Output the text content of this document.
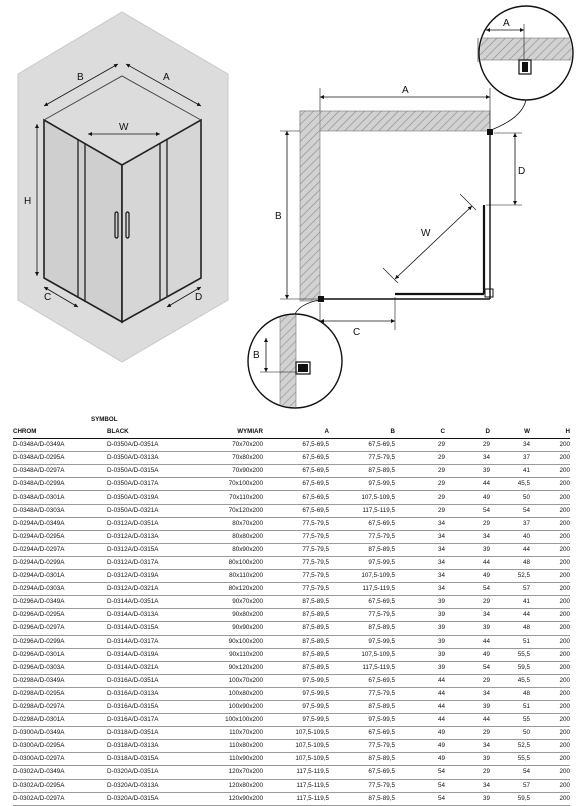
B	A
W
H
C	D
A
B
C
D
W
A
B
	SYMBOL							
CHROM	BLACK	WYMIAR	A	B	C	D	W	H
D-0348A/D-0349A	D-0350A/D-0351A	70x70x200	67,5-69,5	67,5-69,5	29	29	34	200
D-0348A/D-0295A	D-0350A/D-0313A	70x80x200	67,5-69,5	77,5-79,5	29	34	37	200
D-0348A/D-0297A	D-0350A/D-0315A	70x90x200	67,5-69,5	87,5-89,5	29	39	41	200
D-0348A/D-0299A	D-0350A/D-0317A	70x100x200	67,5-69,5	97,5-99,5	29	44	45,5	200
D-0348A/D-0301A	D-0350A/D-0319A	70x110x200	67,5-69,5	107,5-109,5	29	49	50	200
D-0348A/D-0303A	D-0350A/D-0321A	70x120x200	67,5-69,5	117,5-119,5	29	54	54	200
D-0294A/D-0349A	D-0312A/D-0351A	80x70x200	77,5-79,5	67,5-69,5	34	29	37	200
D-0294A/D-0295A	D-0312A/D-0313A	80x80x200	77,5-79,5	77,5-79,5	34	34	40	200
D-0294A/D-0297A	D-0312A/D-0315A	80x90x200	77,5-79,5	87,5-89,5	34	39	44	200
D-0294A/D-0299A	D-0312A/D-0317A	80x100x200	77,5-79,5	97,5-99,5	34	44	48	200
D-0294A/D-0301A	D-0312A/D-0319A	80x110x200	77,5-79,5	107,5-109,5	34	49	52,5	200
D-0294A/D-0303A	D-0312A/D-0321A	80x120x200	77,5-79,5	117,5-119,5	34	54	57	200
D-0296A/D-0349A	D-0314A/D-0351A	90x70x200	87,5-89,5	67,5-69,5	39	29	41	200
D-0296A/D-0295A	D-0314A/D-0313A	90x80x200	87,5-89,5	77,5-79,5	39	34	44	200
D-0296A/D-0297A	D-0314A/D-0315A	90x90x200	87,5-89,5	87,5-89,5	39	39	48	200
D-0296A/D-0299A	D-0314A/D-0317A	90x100x200	87,5-89,5	97,5-99,5	39	44	51	200
D-0296A/D-0301A	D-0314A/D-0319A	90x110x200	87,5-89,5	107,5-109,5	39	49	55,5	200
D-0296A/D-0303A	D-0314A/D-0321A	90x120x200	87,5-89,5	117,5-119,5	39	54	59,5	200
D-0298A/D-0349A	D-0316A/D-0351A	100x70x200	97,5-99,5	67,5-69,5	44	29	45,5	200
D-0298A/D-0295A	D-0316A/D-0313A	100x80x200	97,5-99,5	77,5-79,5	44	34	48	200
D-0298A/D-0297A	D-0316A/D-0315A	100x90x200	97,5-99,5	87,5-89,5	44	39	51	200
D-0298A/D-0301A	D-0316A/D-0317A	100x100x200	97,5-99,5	97,5-99,5	44	44	55	200
D-0300A/D-0349A	D-0318A/D-0351A	110x70x200	107,5-109,5	67,5-69,5	49	29	50	200
D-0300A/D-0295A	D-0318A/D-0313A	110x80x200	107,5-109,5	77,5-79,5	49	34	52,5	200
D-0300A/D-0297A	D-0318A/D-0315A	110x90x200	107,5-109,5	87,5-89,5	49	39	55,5	200
D-0302A/D-0349A	D-0320A/D-0351A	120x70x200	117,5-119,5	67,5-69,5	54	29	54	200
D-0302A/D-0295A	D-0320A/D-0313A	120x80x200	117,5-119,5	77,5-79,5	54	34	57	200
D-0302A/D-0297A	D-0320A/D-0315A	120x90x200	117,5-119,5	87,5-89,5	54	39	59,5	200
